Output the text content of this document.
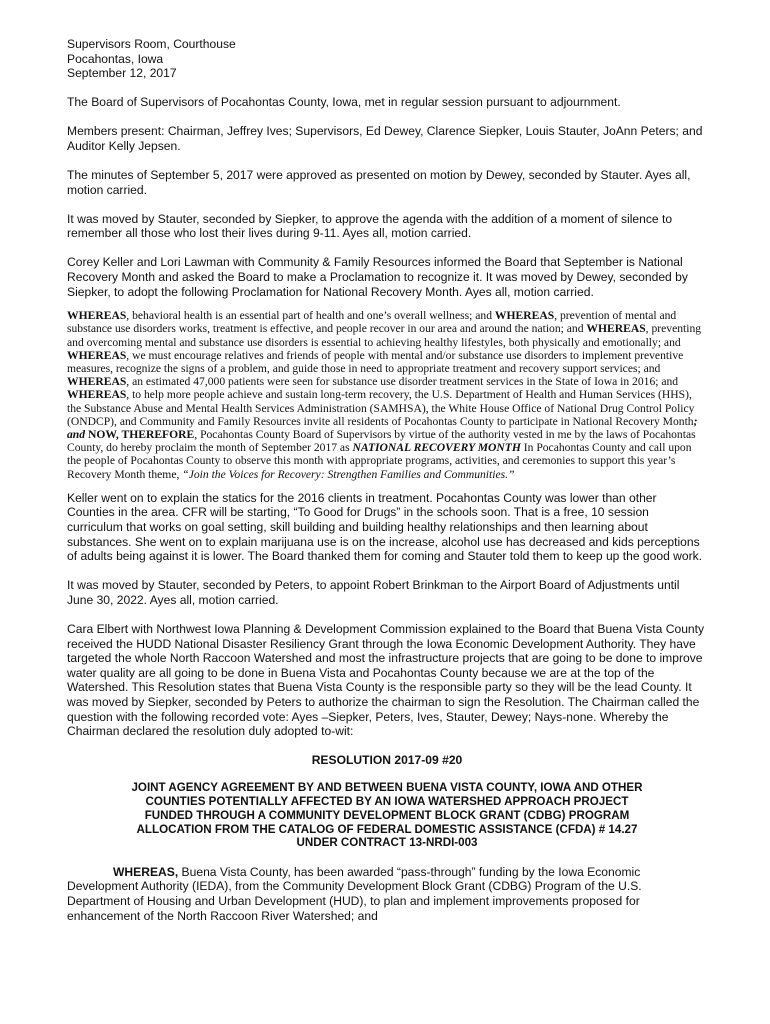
Supervisors Room, Courthouse
Pocahontas, Iowa
September 12, 2017

The Board of Supervisors of Pocahontas County, Iowa, met in regular session pursuant to adjournment.

Members present: Chairman, Jeffrey Ives; Supervisors, Ed Dewey, Clarence Siepker, Louis Stauter, JoAnn Peters; and Auditor Kelly Jepsen.

The minutes of September 5, 2017 were approved as presented on motion by Dewey, seconded by Stauter. Ayes all, motion carried.

It was moved by Stauter, seconded by Siepker, to approve the agenda with the addition of a moment of silence to remember all those who lost their lives during 9-11. Ayes all, motion carried.

Corey Keller and Lori Lawman with Community & Family Resources informed the Board that September is National Recovery Month and asked the Board to make a Proclamation to recognize it. It was moved by Dewey, seconded by Siepker, to adopt the following Proclamation for National Recovery Month. Ayes all, motion carried.

WHEREAS, behavioral health is an essential part of health and one’s overall wellness; and WHEREAS, prevention of mental and substance use disorders works, treatment is effective, and people recover in our area and around the nation; and WHEREAS, preventing and overcoming mental and substance use disorders is essential to achieving healthy lifestyles, both physically and emotionally; and WHEREAS, we must encourage relatives and friends of people with mental and/or substance use disorders to implement preventive measures, recognize the signs of a problem, and guide those in need to appropriate treatment and recovery support services; and WHEREAS, an estimated 47,000 patients were seen for substance use disorder treatment services in the State of Iowa in 2016; and WHEREAS, to help more people achieve and sustain long-term recovery, the U.S. Department of Health and Human Services (HHS), the Substance Abuse and Mental Health Services Administration (SAMHSA), the White House Office of National Drug Control Policy (ONDCP), and Community and Family Resources invite all residents of Pocahontas County to participate in National Recovery Month; and NOW, THEREFORE, Pocahontas County Board of Supervisors by virtue of the authority vested in me by the laws of Pocahontas County, do hereby proclaim the month of September 2017 as NATIONAL RECOVERY MONTH In Pocahontas County and call upon the people of Pocahontas County to observe this month with appropriate programs, activities, and ceremonies to support this year’s Recovery Month theme, “Join the Voices for Recovery: Strengthen Families and Communities.”

Keller went on to explain the statics for the 2016 clients in treatment. Pocahontas County was lower than other Counties in the area. CFR will be starting, “To Good for Drugs” in the schools soon. That is a free, 10 session curriculum that works on goal setting, skill building and building healthy relationships and then learning about substances. She went on to explain marijuana use is on the increase, alcohol use has decreased and kids perceptions of adults being against it is lower. The Board thanked them for coming and Stauter told them to keep up the good work.

It was moved by Stauter, seconded by Peters, to appoint Robert Brinkman to the Airport Board of Adjustments until June 30, 2022. Ayes all, motion carried.

Cara Elbert with Northwest Iowa Planning & Development Commission explained to the Board that Buena Vista County received the HUDD National Disaster Resiliency Grant through the Iowa Economic Development Authority. They have targeted the whole North Raccoon Watershed and most the infrastructure projects that are going to be done to improve water quality are all going to be done in Buena Vista and Pocahontas County because we are at the top of the Watershed. This Resolution states that Buena Vista County is the responsible party so they will be the lead County. It was moved by Siepker, seconded by Peters to authorize the chairman to sign the Resolution. The Chairman called the question with the following recorded vote: Ayes –Siepker, Peters, Ives, Stauter, Dewey; Nays-none. Whereby the Chairman declared the resolution duly adopted to-wit:

RESOLUTION 2017-09 #20

JOINT AGENCY AGREEMENT BY AND BETWEEN BUENA VISTA COUNTY, IOWA AND OTHER
COUNTIES POTENTIALLY AFFECTED BY AN IOWA WATERSHED APPROACH PROJECT
FUNDED THROUGH A COMMUNITY DEVELOPMENT BLOCK GRANT (CDBG) PROGRAM
ALLOCATION FROM THE CATALOG OF FEDERAL DOMESTIC ASSISTANCE (CFDA) # 14.27
UNDER CONTRACT 13-NRDI-003

WHEREAS, Buena Vista County, has been awarded “pass-through” funding by the Iowa Economic Development Authority (IEDA), from the Community Development Block Grant (CDBG) Program of the U.S. Department of Housing and Urban Development (HUD), to plan and implement improvements proposed for enhancement of the North Raccoon River Watershed; and
